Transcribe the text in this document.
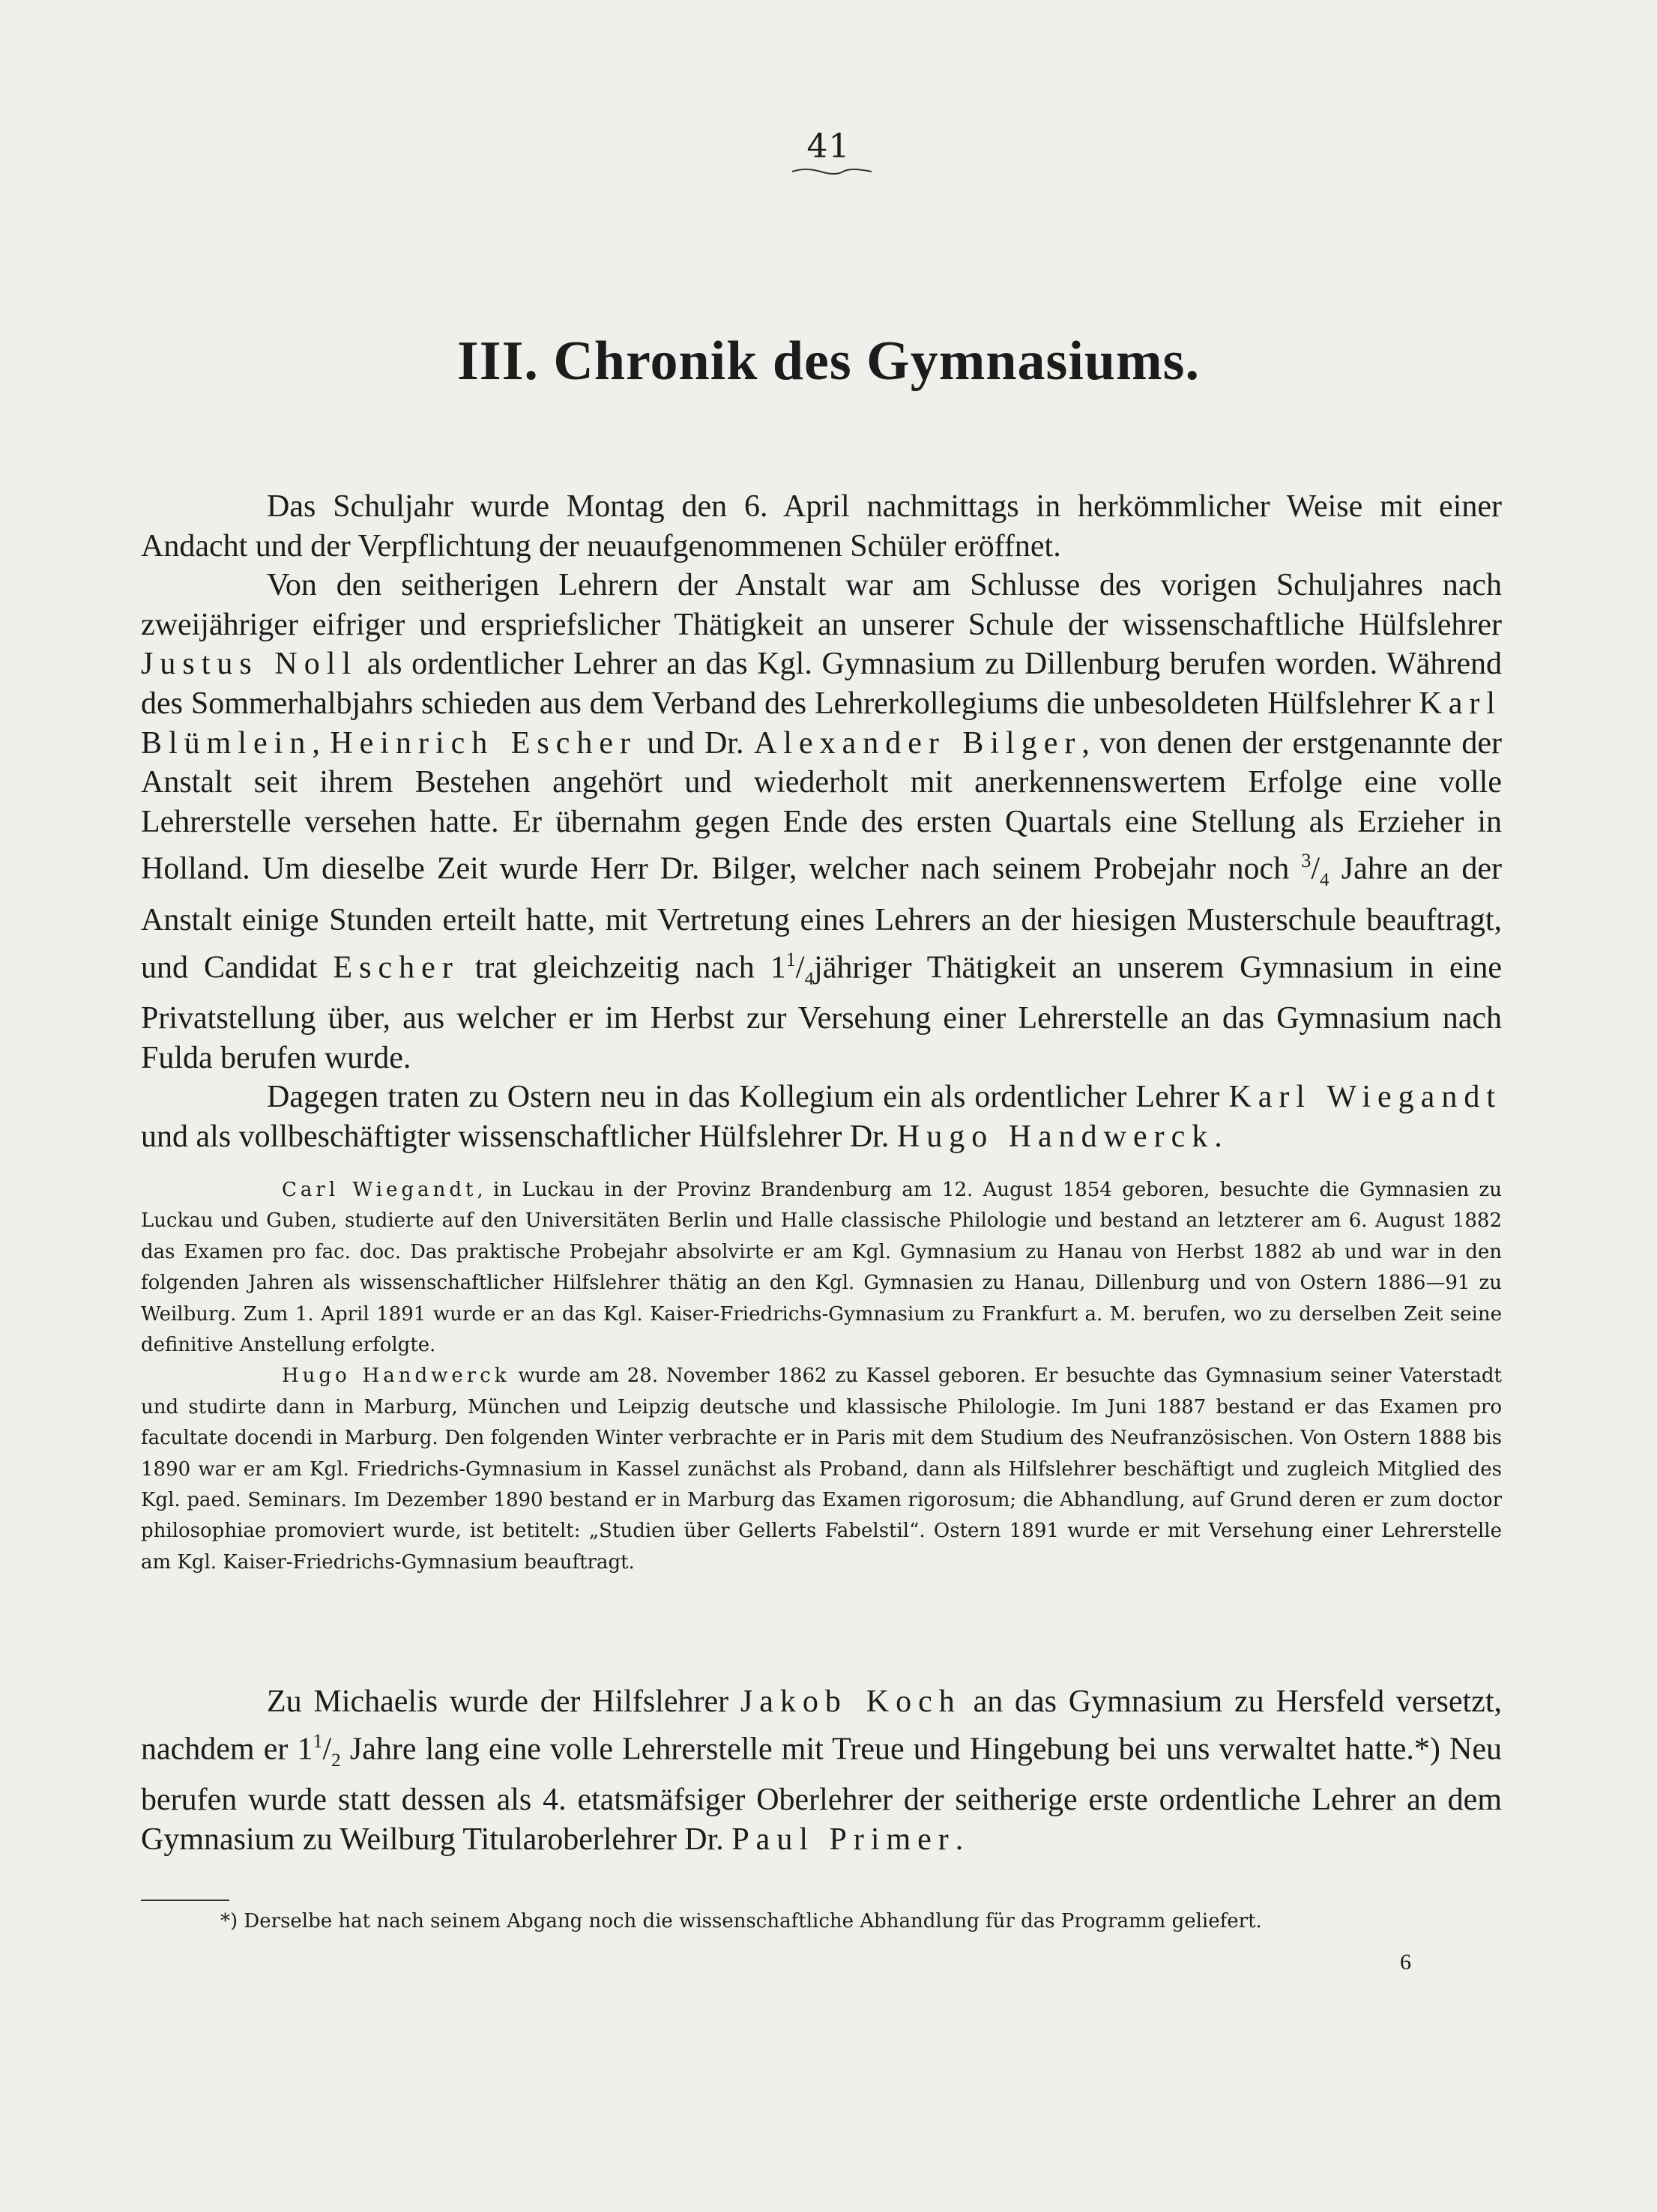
41
III. Chronik des Gymnasiums.

Das Schuljahr wurde Montag den 6. April nachmittags in herkömmlicher Weise mit einer Andacht und der Verpflichtung der neuaufgenommenen Schüler eröffnet.

Von den seitherigen Lehrern der Anstalt war am Schlusse des vorigen Schuljahres nach zweijähriger eifriger und erspriefslicher Thätigkeit an unserer Schule der wissenschaftliche Hülfslehrer Justus Noll als ordentlicher Lehrer an das Kgl. Gymnasium zu Dillenburg berufen worden. Während des Sommerhalbjahrs schieden aus dem Verband des Lehrerkollegiums die unbesoldeten Hülfslehrer Karl Blümlein, Heinrich Escher und Dr. Alexander Bilger, von denen der erstgenannte der Anstalt seit ihrem Bestehen angehört und wiederholt mit anerkennenswertem Erfolge eine volle Lehrerstelle versehen hatte. Er übernahm gegen Ende des ersten Quartals eine Stellung als Erzieher in Holland. Um dieselbe Zeit wurde Herr Dr. Bilger, welcher nach seinem Probejahr noch $^3/_4$ Jahre an der Anstalt einige Stunden erteilt hatte, mit Vertretung eines Lehrers an der hiesigen Musterschule beauftragt, und Candidat Escher trat gleichzeitig nach $1^1/_4jähriger$ Thätigkeit an unserem Gymnasium in eine Privatstellung über, aus welcher er im Herbst zur Versehung einer Lehrerstelle an das Gymnasium nach Fulda berufen wurde.

Dagegen traten zu Ostern neu in das Kollegium ein als ordentlicher Lehrer Karl Wiegandt und als vollbeschäftigter wissenschaftlicher Hülfslehrer Dr. Hugo Handwerck.

Carl Wiegandt, in Luckau in der Provinz Brandenburg am 12. August 1854 geboren, besuchte die Gymnasien zu Luckau und Guben, studierte auf den Universitäten Berlin und Halle classische Philologie und bestand an letzterer am 6. August 1882 das Examen pro fac. doc. Das praktische Probejahr absolvirte er am Kgl. Gymnasium zu Hanau von Herbst 1882 ab und war in den folgenden Jahren als wissenschaftlicher Hilfslehrer thätig an den Kgl. Gymnasien zu Hanau, Dillenburg und von Ostern 1886—91 zu Weilburg. Zum 1. April 1891 wurde er an das Kgl. Kaiser-Friedrichs-Gymnasium zu Frankfurt a. M. berufen, wo zu derselben Zeit seine definitive Anstellung erfolgte.

Hugo Handwerck wurde am 28. November 1862 zu Kassel geboren. Er besuchte das Gymnasium seiner Vaterstadt und studirte dann in Marburg, München und Leipzig deutsche und klassische Philologie. Im Juni 1887 bestand er das Examen pro facultate docendi in Marburg. Den folgenden Winter verbrachte er in Paris mit dem Studium des Neufranzösischen. Von Ostern 1888 bis 1890 war er am Kgl. Friedrichs-Gymnasium in Kassel zunächst als Proband, dann als Hilfslehrer beschäftigt und zugleich Mitglied des Kgl. paed. Seminars. Im Dezember 1890 bestand er in Marburg das Examen rigorosum; die Abhandlung, auf Grund deren er zum doctor philosophiae promoviert wurde, ist betitelt: „Studien über Gellerts Fabelstil“. Ostern 1891 wurde er mit Versehung einer Lehrerstelle am Kgl. Kaiser-Friedrichs-Gymnasium beauftragt.

Zu Michaelis wurde der Hilfslehrer Jakob Koch an das Gymnasium zu Hersfeld versetzt, nachdem er $1^1/_2$ Jahre lang eine volle Lehrerstelle mit Treue und Hingebung bei uns verwaltet hatte.*) Neu berufen wurde statt dessen als 4. etatsmäfsiger Oberlehrer der seitherige erste ordentliche Lehrer an dem Gymnasium zu Weilburg Titularoberlehrer Dr. Paul Primer.

*) Derselbe hat nach seinem Abgang noch die wissenschaftliche Abhandlung für das Programm geliefert.

6
